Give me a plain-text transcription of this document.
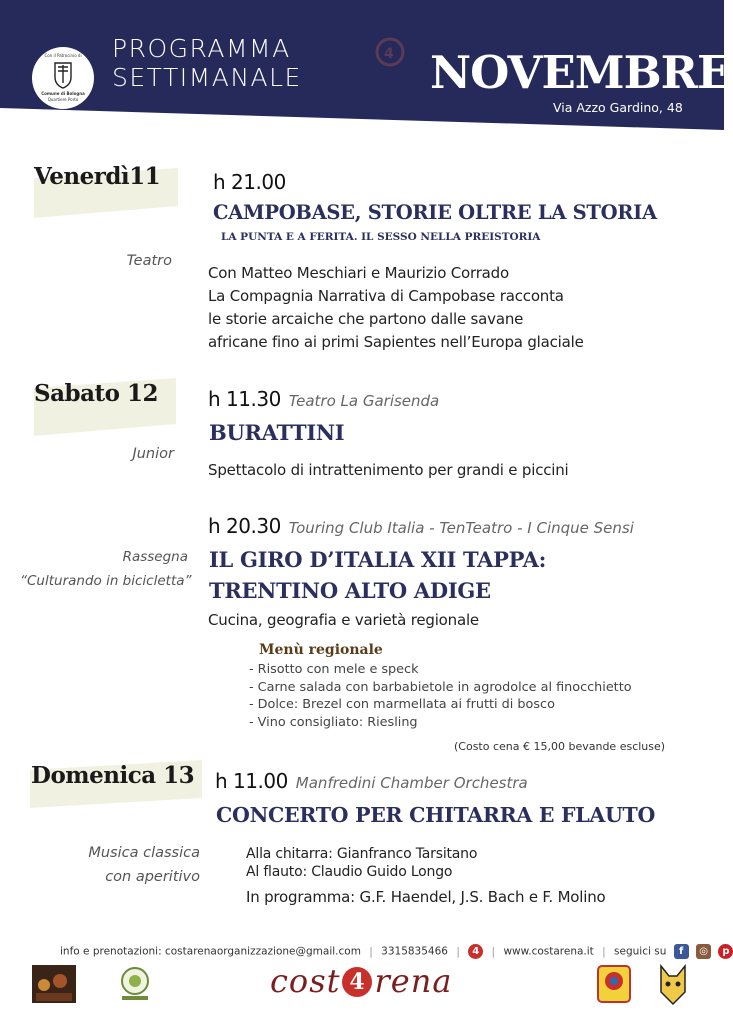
4
Con il Patrocinio di
Comune di Bologna
Quartiere Porto
PROGRAMMA
SETTIMANALE	NOVEMBRE
Via Azzo Gardino, 48
Venerdì11	h 21.00
CAMPOBASE, STORIE OLTRE LA STORIA
LA PUNTA E A FERITA. IL SESSO NELLA PREISTORIA
Teatro
Con Matteo Meschiari e Maurizio Corrado
La Compagnia Narrativa di Campobase racconta
le storie arcaiche che partono dalle savane
africane fino ai primi Sapientes nell’Europa glaciale
Sabato 12	h 11.30 Teatro La Garisenda
BURATTINI
Junior
Spettacolo di intrattenimento per grandi e piccini
h 20.30 Touring Club Italia - TenTeatro - I Cinque Sensi
IL GIRO D’ITALIA XII TAPPA:
TRENTINO ALTO ADIGE
Rassegna
“Culturando in bicicletta”
Cucina, geografia e varietà regionale
Menù regionale
- Risotto con mele e speck
- Carne salada con barbabietole in agrodolce al finocchietto
- Dolce: Brezel con marmellata ai frutti di bosco
- Vino consigliato: Riesling
(Costo cena € 15,00 bevande escluse)
Domenica 13 h 11.00 Manfredini Chamber Orchestra
CONCERTO PER CHITARRA E FLAUTO
Musica classica
con aperitivo
Alla chitarra: Gianfranco Tarsitano
Al flauto: Claudio Guido Longo
In programma: G.F. Haendel, J.S. Bach e F. Molino
info e prenotazioni: costarenaorganizzazione@gmail.com | 3315835466 | 4 | www.costarena.it | seguici su f ◎ p
cost 4 rena
